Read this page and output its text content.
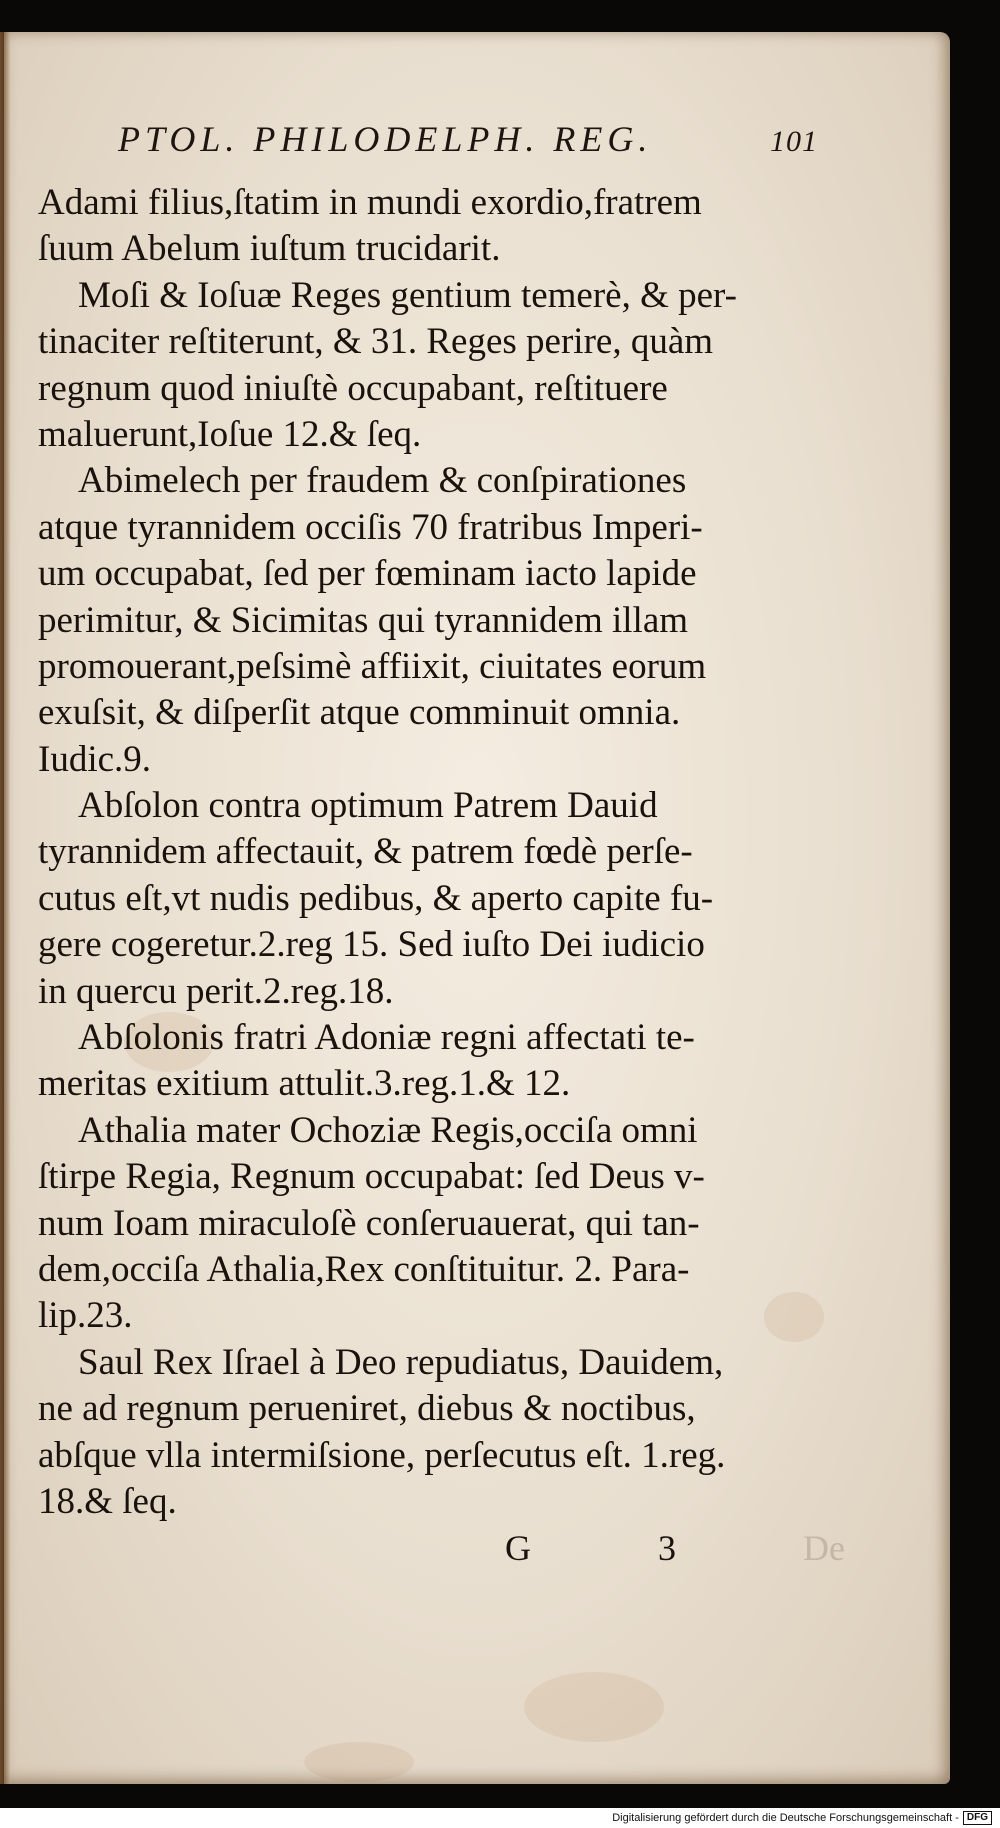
PTOL. PHILODELPH. REG.	101
Adami filius,ſtatim in mundi exordio,fratrem
ſuum Abelum iuſtum trucidarit.
Moſi & Ioſuæ Reges gentium temerè, & per-
tinaciter reſtiterunt, & 31. Reges perire, quàm
regnum quod iniuſtè occupabant, reſtituere
maluerunt,Ioſue 12.& ſeq.
Abimelech per fraudem & conſpirationes
atque tyrannidem occiſis 70 fratribus Imperi-
um occupabat, ſed per fœminam iacto lapide
perimitur, & Sicimitas qui tyrannidem illam
promouerant,peſsimè affiixit, ciuitates eorum
exuſsit, & diſperſit atque comminuit omnia.
Iudic.9.
Abſolon contra optimum Patrem Dauid
tyrannidem affectauit, & patrem fœdè perſe-
cutus eſt,vt nudis pedibus, & aperto capite fu-
gere cogeretur.2.reg 15. Sed iuſto Dei iudicio
in quercu perit.2.reg.18.
Abſolonis fratri Adoniæ regni affectati te-
meritas exitium attulit.3.reg.1.& 12.
Athalia mater Ochoziæ Regis,occiſa omni
ſtirpe Regia, Regnum occupabat: ſed Deus v-
num Ioam miraculoſè conſeruauerat, qui tan-
dem,occiſa Athalia,Rex conſtituitur. 2. Para-
lip.23.
Saul Rex Iſrael à Deo repudiatus, Dauidem,
ne ad regnum perueniret, diebus & noctibus,
abſque vlla intermiſsione, perſecutus eſt. 1.reg.
18.& ſeq.
G	3	De
Digitalisierung gefördert durch die Deutsche Forschungsgemeinschaft - DFG
